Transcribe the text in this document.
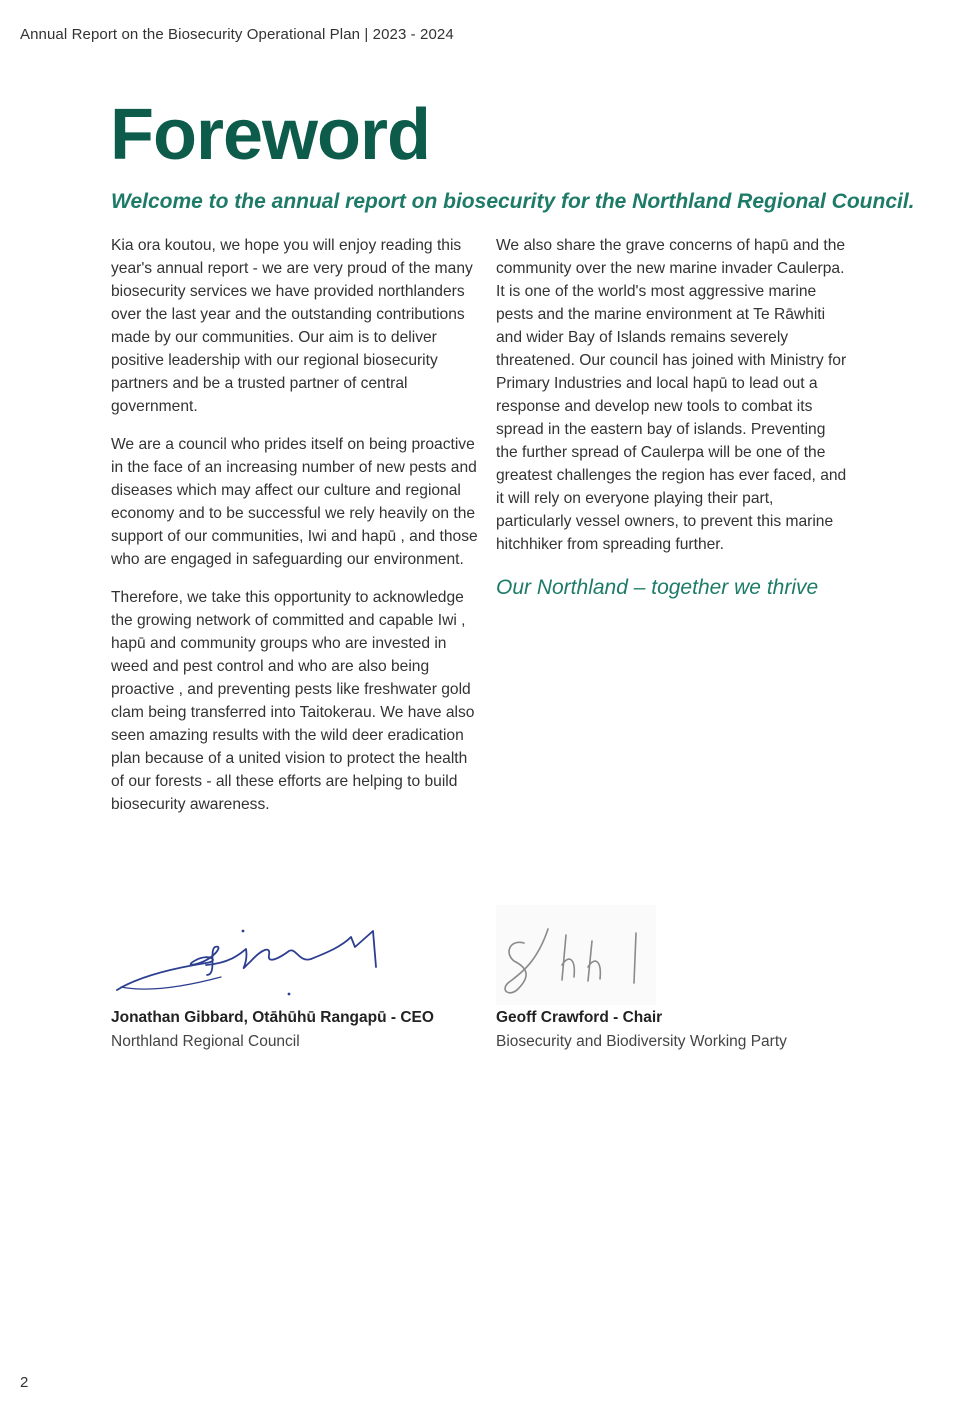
Annual Report on the Biosecurity Operational Plan | 2023 - 2024
Foreword
Welcome to the annual report on biosecurity for the Northland Regional Council.

Kia ora koutou, we hope you will enjoy reading this year's annual report - we are very proud of the many biosecurity services we have provided northlanders over the last year and the outstanding contributions made by our communities. Our aim is to deliver positive leadership with our regional biosecurity partners and be a trusted partner of central government.

We are a council who prides itself on being proactive in the face of an increasing number of new pests and diseases which may affect our culture and regional economy and to be successful we rely heavily on the support of our communities, Iwi and hapū , and those who are engaged in safeguarding our environment.

Therefore, we take this opportunity to acknowledge the growing network of committed and capable Iwi , hapū and community groups who are invested in weed and pest control and who are also being proactive , and preventing pests like freshwater gold clam being transferred into Taitokerau. We have also seen amazing results with the wild deer eradication plan because of a united vision to protect the health of our forests - all these efforts are helping to build biosecurity awareness.

We also share the grave concerns of hapū and the community over the new marine invader Caulerpa. It is one of the world's most aggressive marine pests and the marine environment at Te Rāwhiti and wider Bay of Islands remains severely threatened. Our council has joined with Ministry for Primary Industries and local hapū to lead out a response and develop new tools to combat its spread in the eastern bay of islands. Preventing the further spread of Caulerpa will be one of the greatest challenges the region has ever faced, and it will rely on everyone playing their part, particularly vessel owners, to prevent this marine hitchhiker from spreading further.

Our Northland – together we thrive
Jonathan Gibbard, Otāhūhū Rangapū - CEO
Northland Regional Council
Geoff Crawford - Chair
Biosecurity and Biodiversity Working Party
2
